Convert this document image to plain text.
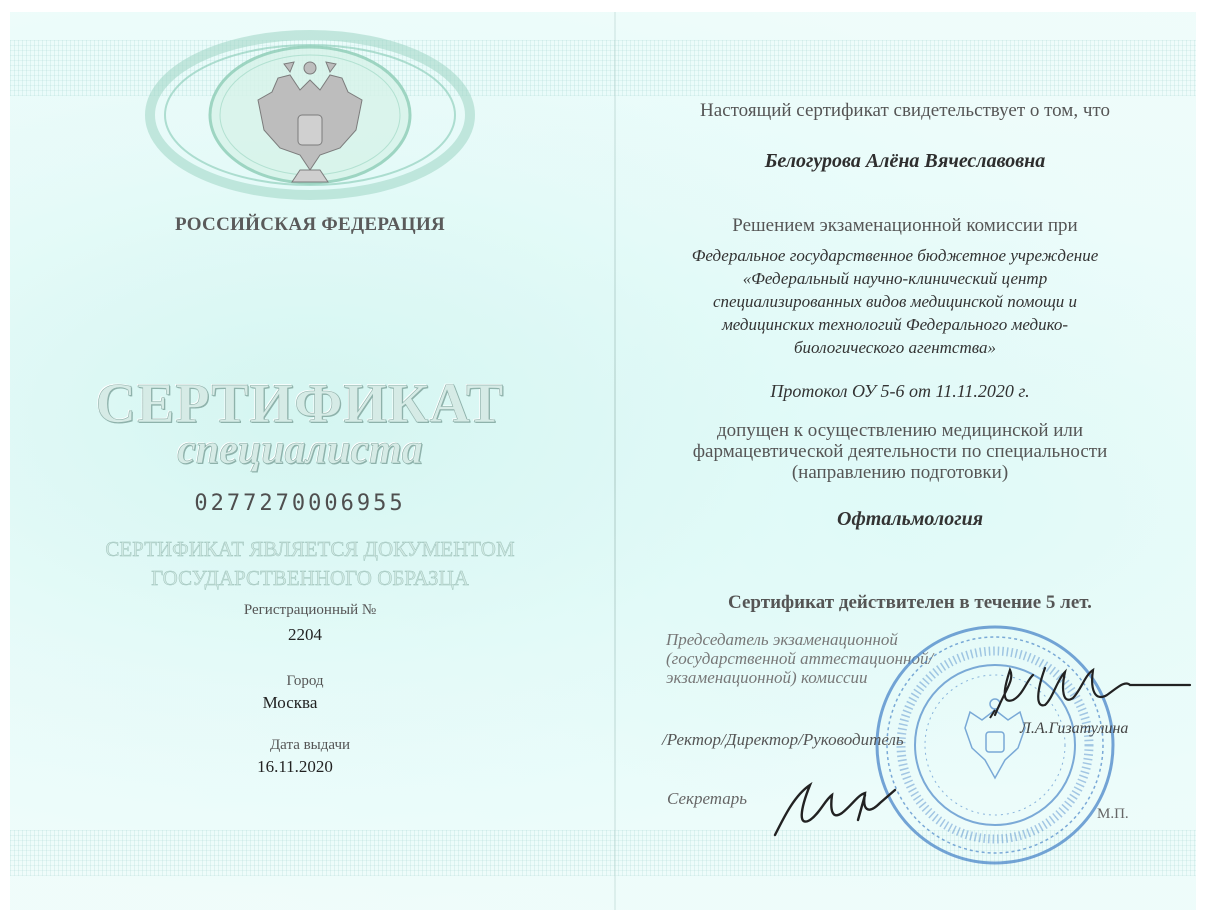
РОССИЙСКАЯ ФЕДЕРАЦИЯ
СЕРТИФИКАТ
специалиста
0277270006955
СЕРТИФИКАТ ЯВЛЯЕТСЯ ДОКУМЕНТОМ
ГОСУДАРСТВЕННОГО ОБРАЗЦА
Регистрационный №
2204
Город
Москва
Дата выдачи
16.11.2020
Настоящий сертификат свидетельствует о том, что
Белогурова Алёна Вячеславовна
Решением экзаменационной комиссии при
Федеральное государственное бюджетное учреждение
«Федеральный научно-клинический центр
специализированных видов медицинской помощи и
медицинских технологий Федерального медико-
биологического агентства»
Протокол ОУ 5-6 от 11.11.2020 г.
допущен к осуществлению медицинской или
фармацевтической деятельности по специальности
(направлению подготовки)
Офтальмология
Сертификат действителен в течение 5 лет.
Председатель экзаменационной
(государственной аттестационной/
экзаменационной) комиссии
/Ректор/Директор/Руководитель
Л.А.Гизатулина
Секретарь
М.П.
